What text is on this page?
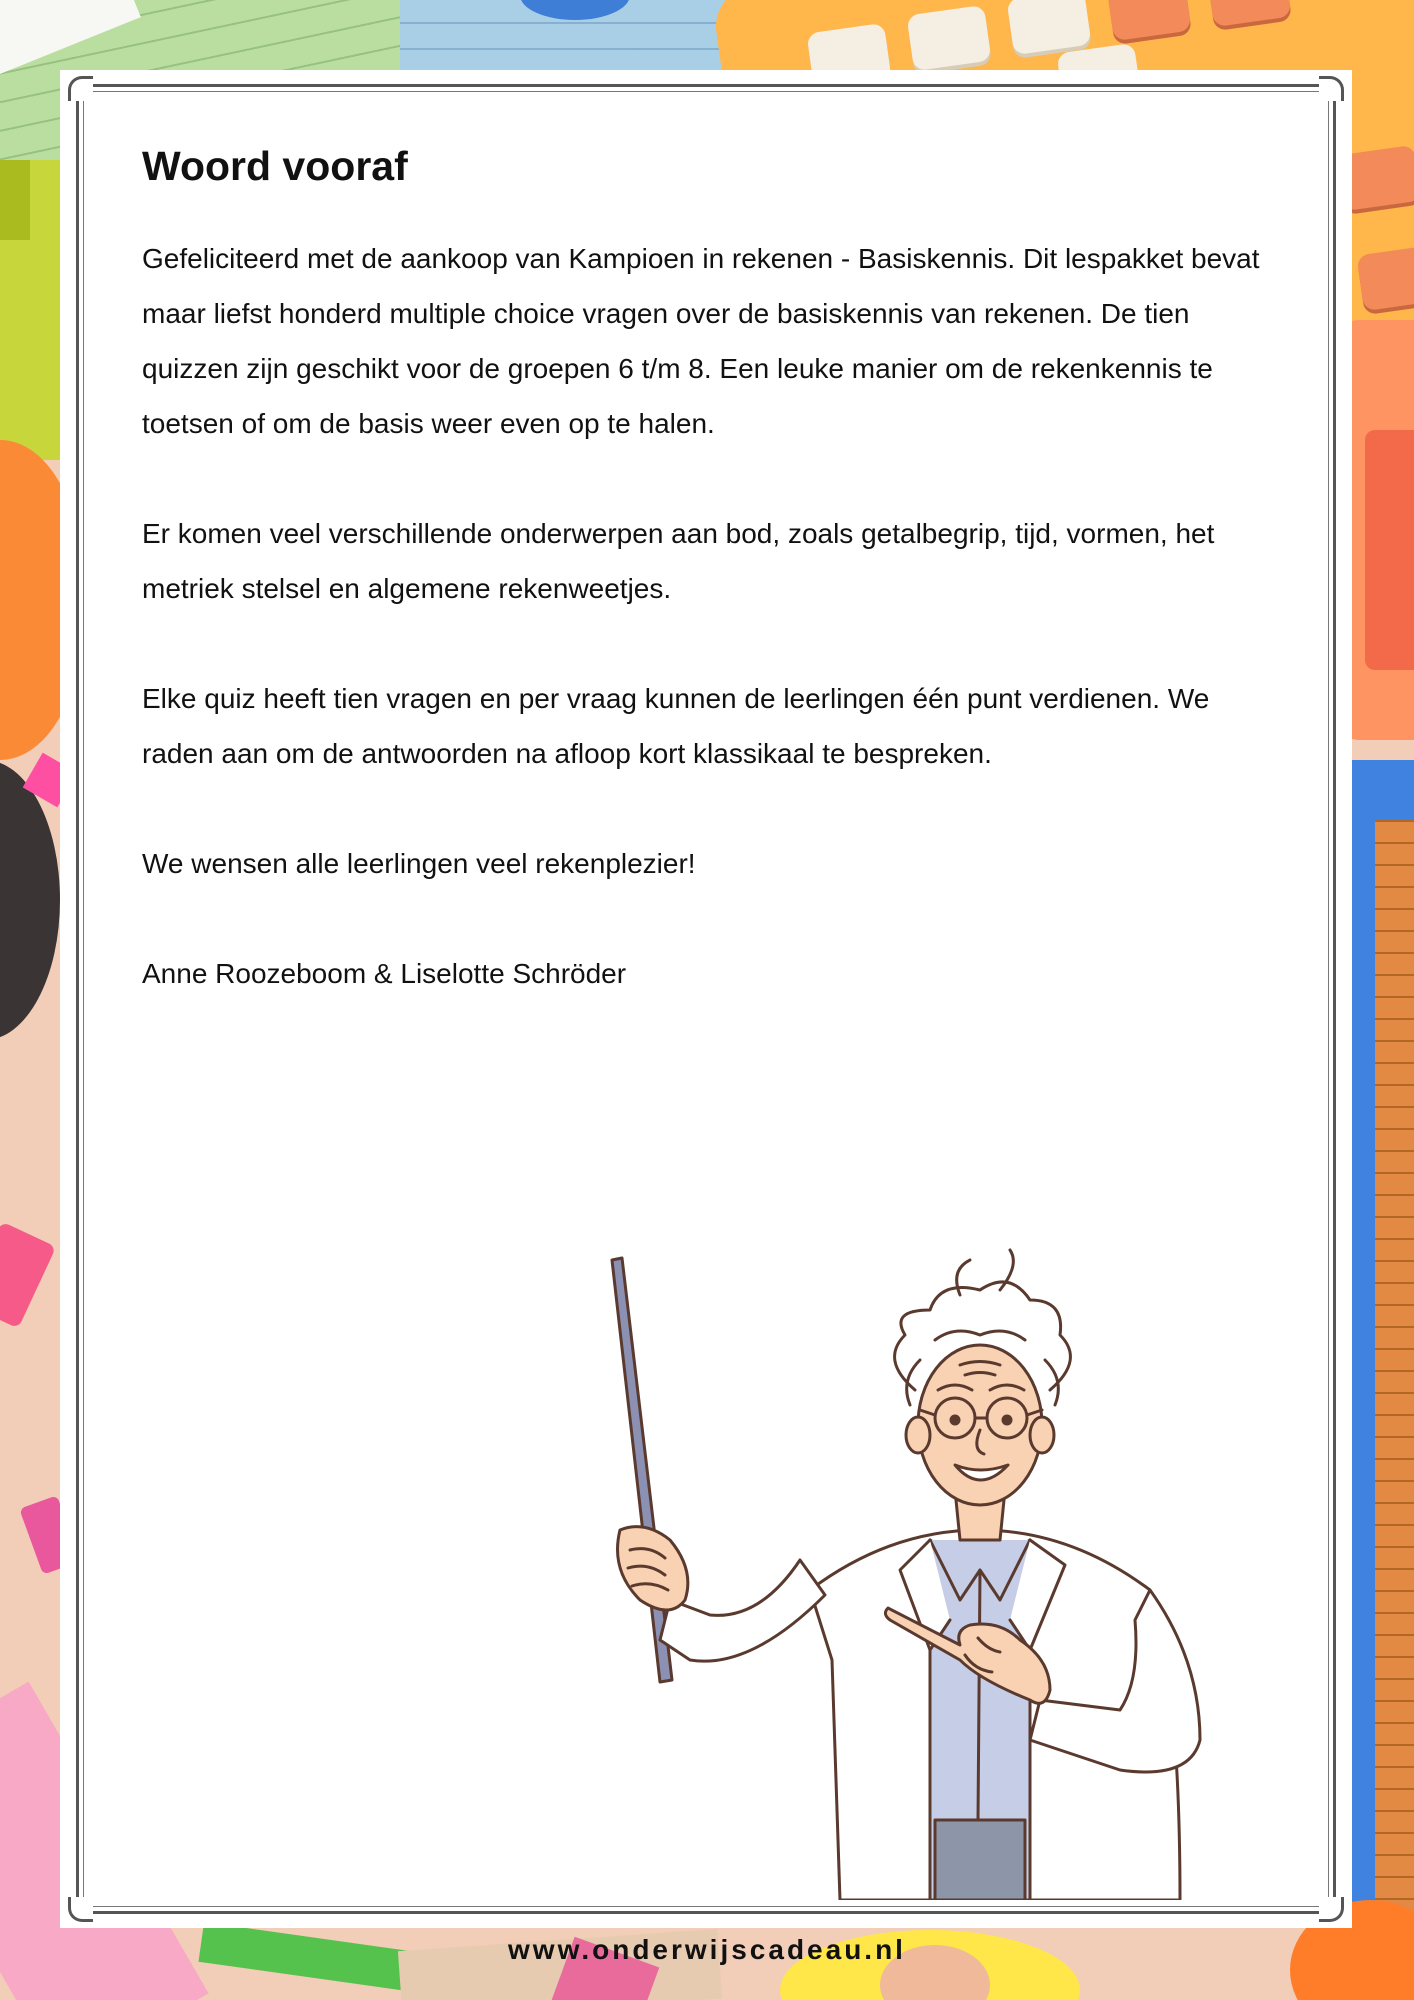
Woord vooraf

Gefeliciteerd met de aankoop van Kampioen in rekenen - Basiskennis. Dit lespakket bevat maar liefst honderd multiple choice vragen over de basiskennis van rekenen. De tien quizzen zijn geschikt voor de groepen 6 t/m 8. Een leuke manier om de rekenkennis te toetsen of om de basis weer even op te halen.

Er komen veel verschillende onderwerpen aan bod, zoals getalbegrip, tijd, vormen, het metriek stelsel en algemene rekenweetjes.

Elke quiz heeft tien vragen en per vraag kunnen de leerlingen één punt verdienen. We raden aan om de antwoorden na afloop kort klassikaal te bespreken.

We wensen alle leerlingen veel rekenplezier!

Anne Roozeboom & Liselotte Schröder

www.onderwijscadeau.nl
